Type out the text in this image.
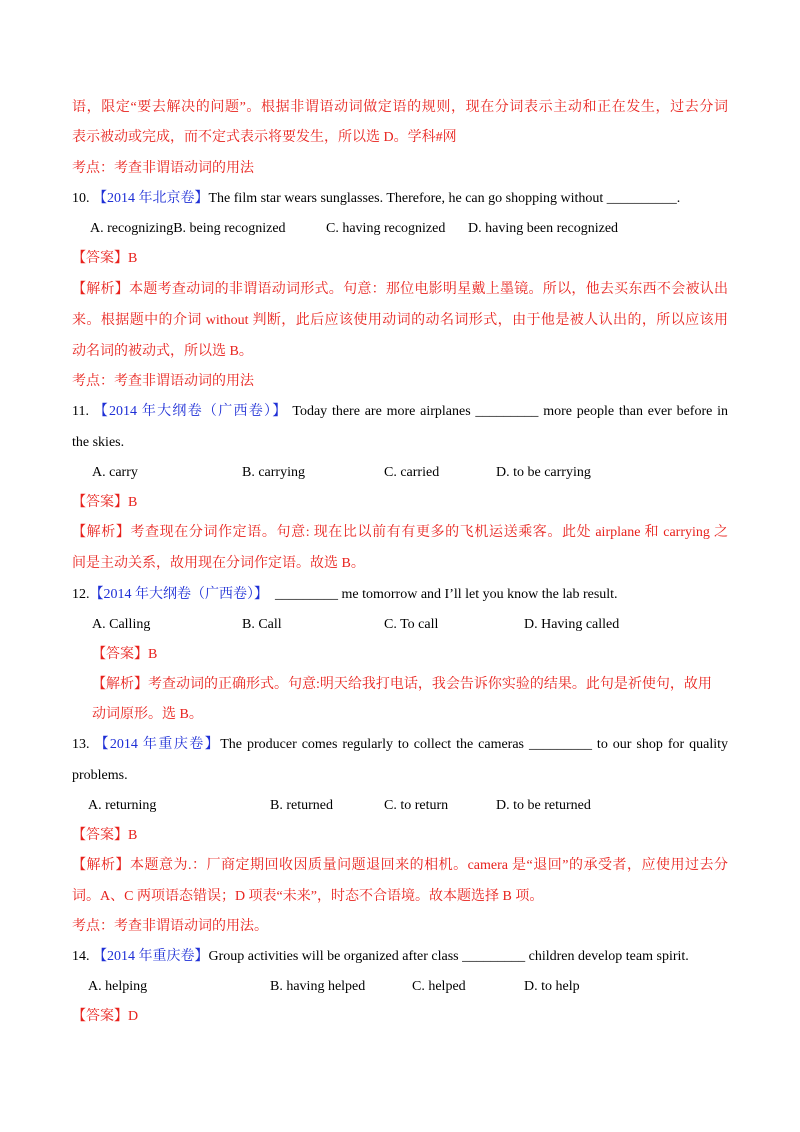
语，限定“要去解决的问题”。根据非谓语动词做定语的规则，现在分词表示主动和正在发生，过去分词
表示被动或完成，而不定式表示将要发生，所以选 D。学科#网
考点：考查非谓语动词的用法
10. 【2014 年北京卷】The film star wears sunglasses. Therefore, he can go shopping without __________.
A. recognizingB. being recognized	C. having recognized D. having been recognized
【答案】B
【解析】本题考查动词的非谓语动词形式。句意：那位电影明星戴上墨镜。所以，他去买东西不会被认出
来。根据题中的介词 without 判断，此后应该使用动词的动名词形式，由于他是被人认出的，所以应该用
动名词的被动式，所以选 B。
考点：考查非谓语动词的用法
11. 【2014 年大纲卷（广西卷）】 Today there are more airplanes _________ more people than ever before in
the skies.
A. carry	B. carrying	C. carried	D. to be carrying
【答案】B
【解析】考查现在分词作定语。句意: 现在比以前有有更多的飞机运送乘客。此处 airplane 和 carrying 之
间是主动关系，故用现在分词作定语。故选 B。
12.【2014 年大纲卷（广西卷）】 _________ me tomorrow and I’ll let you know the lab result.
A. Calling	B. Call	C. To call	D. Having called
【答案】B
【解析】考查动词的正确形式。句意:明天给我打电话，我会告诉你实验的结果。此句是祈使句，故用
动词原形。选 B。
13. 【2014 年重庆卷】The producer comes regularly to collect the cameras _________ to our shop for quality
problems.
A. returning	B. returned	C. to return	D. to be returned
【答案】B
【解析】本题意为.：厂商定期回收因质量问题退回来的相机。camera 是“退回”的承受者，应使用过去分
词。A、C 两项语态错误；D 项表“未来”，时态不合语境。故本题选择 B 项。
考点：考查非谓语动词的用法。
14. 【2014 年重庆卷】Group activities will be organized after class _________ children develop team spirit.
A. helping	B. having helped	C. helped	D. to help
【答案】D
